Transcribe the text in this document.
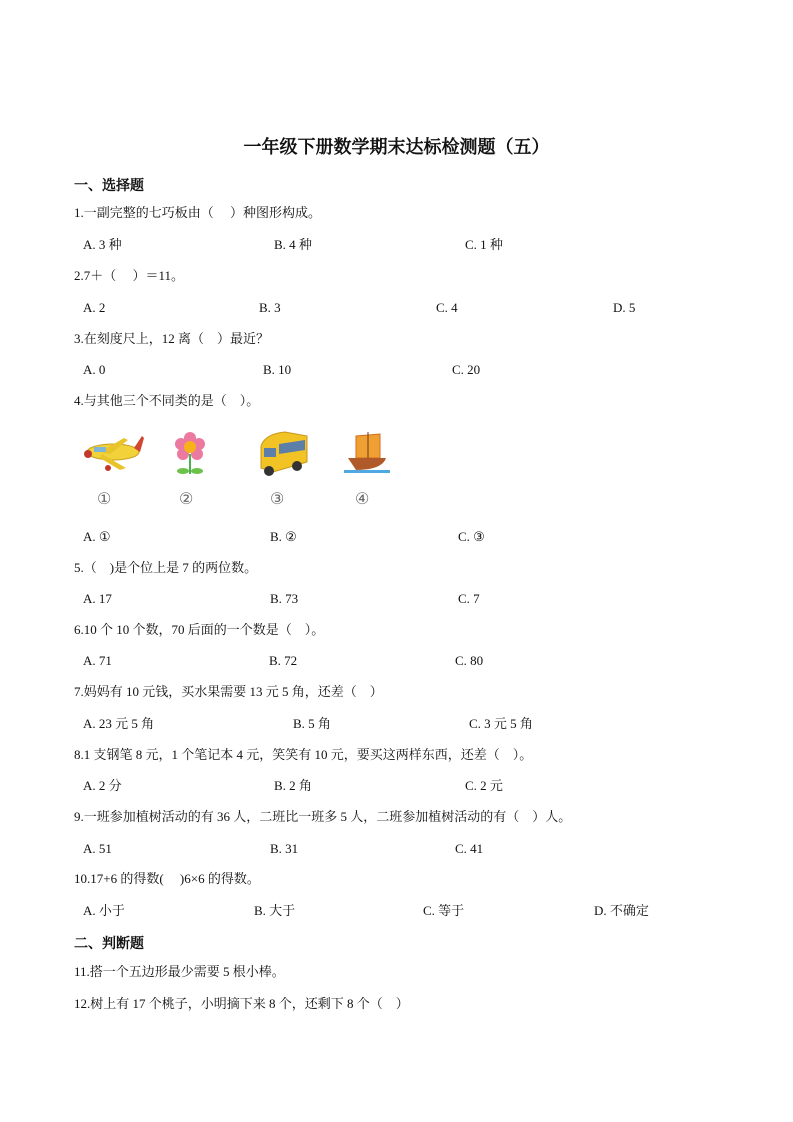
一年级下册数学期末达标检测题（五）
一、选择题
1.一副完整的七巧板由（　 ）种图形构成。
A. 3 种	B. 4 种	C. 1 种
2.7＋（　 ）＝11。
A. 2	B. 3	C. 4	D. 5
3.在刻度尺上，12 离（　）最近？
A. 0	B. 10	C. 20
4.与其他三个不同类的是（　）。
①	②	③	④
A. ①	B. ②	C. ③
5.（　)是个位上是 7 的两位数。
A. 17	B. 73	C. 7
6.10 个 10 个数，70 后面的一个数是（　）。
A. 71	B. 72	C. 80
7.妈妈有 10 元钱，买水果需要 13 元 5 角，还差（　）
A. 23 元 5 角	B. 5 角	C. 3 元 5 角
8.1 支钢笔 8 元，1 个笔记本 4 元，笑笑有 10 元，要买这两样东西，还差（　）。
A. 2 分	B. 2 角	C. 2 元
9.一班参加植树活动的有 36 人，二班比一班多 5 人，二班参加植树活动的有（　）人。
A. 51	B. 31	C. 41
10.17+6 的得数(　 )6×6 的得数。
A. 小于	B. 大于	C. 等于	D. 不确定
二、判断题
11.搭一个五边形最少需要 5 根小棒。
12.树上有 17 个桃子，小明摘下来 8 个，还剩下 8 个（　）
